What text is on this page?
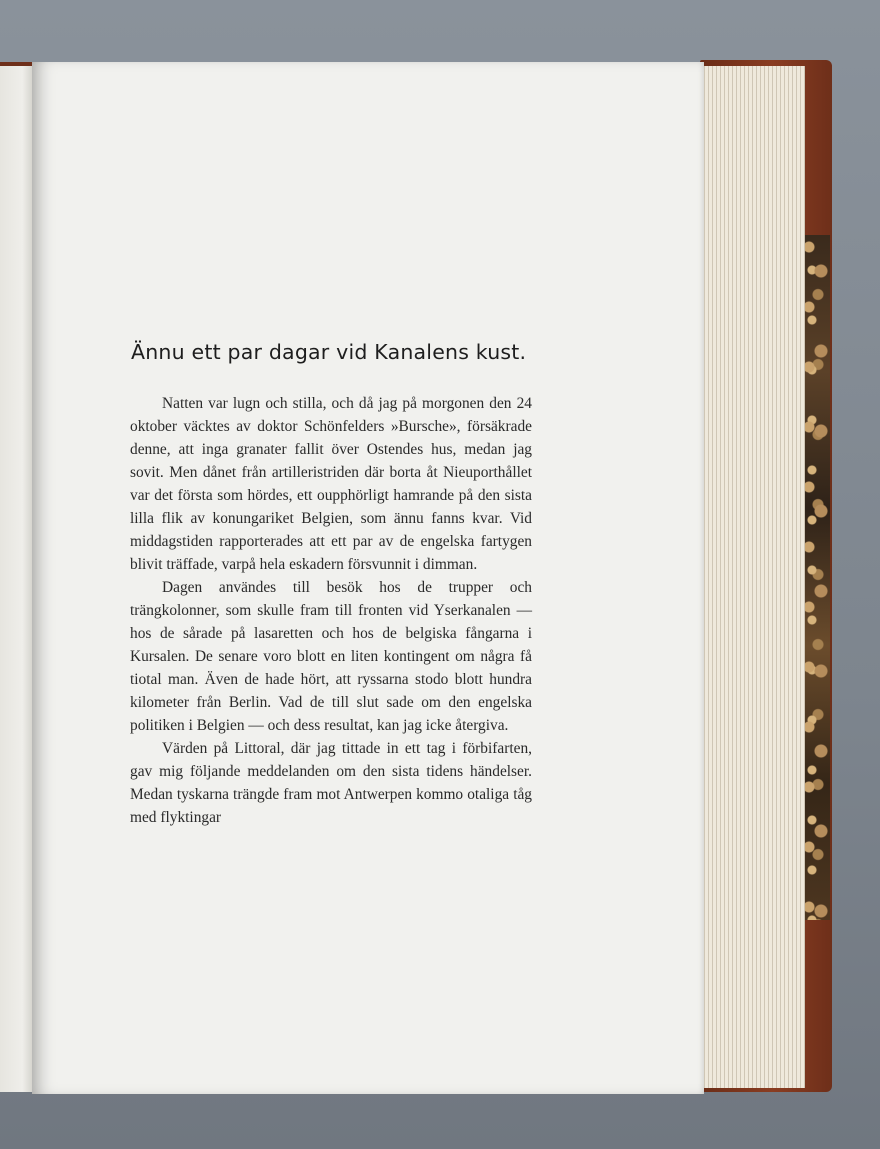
Ännu ett par dagar vid Kanalens kust.

Natten var lugn och stilla, och då jag på morgonen den 24 oktober väcktes av doktor Schönfelders »Bursche», försäkrade denne, att inga granater fallit över Ostendes hus, medan jag sovit. Men dånet från artilleristriden där borta åt Nieuporthållet var det första som hördes, ett oupphörligt hamrande på den sista lilla flik av konungariket Belgien, som ännu fanns kvar. Vid middagstiden rapporterades att ett par av de engelska fartygen blivit träffade, varpå hela eskadern försvunnit i dimman.

Dagen användes till besök hos de trupper och trängkolonner, som skulle fram till fronten vid Yserkanalen — hos de sårade på lasaretten och hos de belgiska fångarna i Kursalen. De senare voro blott en liten kontingent om några få tiotal man. Även de hade hört, att ryssarna stodo blott hundra kilometer från Berlin. Vad de till slut sade om den engelska politiken i Belgien — och dess resultat, kan jag icke återgiva.

Värden på Littoral, där jag tittade in ett tag i förbifarten, gav mig följande meddelanden om den sista tidens händelser. Medan tyskarna trängde fram mot Antwerpen kommo otaliga tåg med flyktingar
